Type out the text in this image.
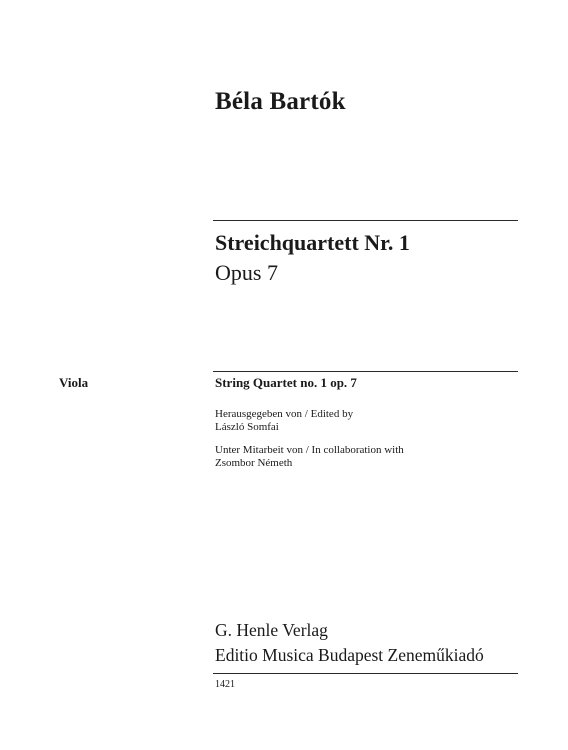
Béla Bartók
Streichquartett Nr. 1
Opus 7
Viola	String Quartet no. 1 op. 7
Herausgegeben von / Edited by
László Somfai
Unter Mitarbeit von / In collaboration with
Zsombor Németh
G. Henle Verlag
Editio Musica Budapest Zeneműkiadó
1421
